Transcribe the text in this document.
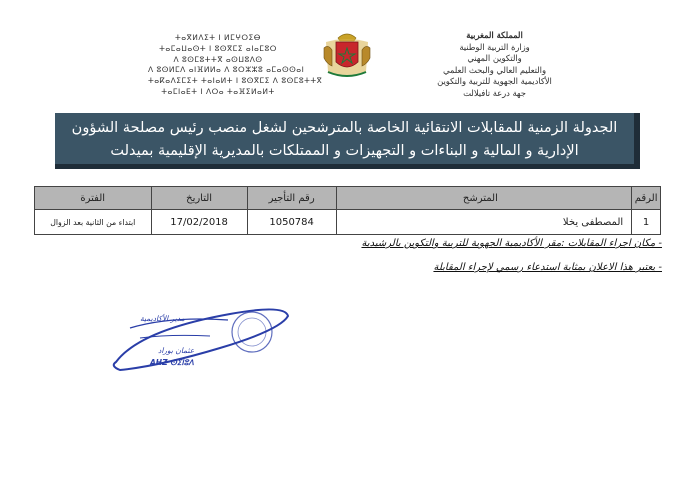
المملكة المغربية
وزارة التربية الوطنية
والتكوين المهني
والتعليم العالي والبحث العلمي
الأكاديمية الجهوية للتربية والتكوين
جهة درعة تافيلالت
ⵜⴰⴳⵍⴷⵉⵜ ⵏ ⵍⵎⵖⵔⵉⴱ
ⵜⴰⵎⴰⵡⴰⵙⵜ ⵏ ⵓⵙⴳⵎⵉ ⴰⵏⴰⵎⵓⵔ
ⴷ ⵓⵙⵎⵓⵜⵜⴳ ⴰⵙⵡⵓⴷⵙ
ⴷ ⵓⵙⵍⵎⴷ ⴰⵏⴼⵍⵍⴰ ⴷ ⵓⵔⵣⵣⵓ ⴰⵎⴰⵙⵙⴰⵏ
ⵜⴰⴽⴰⴷⵉⵎⵉⵜ ⵜⴰⵏⴰⵍⵜ ⵏ ⵓⵙⴳⵎⵉ ⴷ ⵓⵙⵎⵓⵜⵜⴳ
ⵜⴰⵎⵏⴰⴹⵜ ⵏ ⴷⵔⴰ ⵜⴰⴼⵉⵍⴰⵍⵜ
الجدولة الزمنية للمقابلات الانتقائية الخاصة بالمترشحين لشغل منصب رئيس مصلحة الشؤون
الإدارية و المالية و البناءات و التجهيزات و الممتلكات بالمديرية الإقليمية بميدلت
الرقم	المترشح	رقم التأجير	التاريخ	الفترة
1	المصطفى يخلا	1050784	17/02/2018	ابتداء من الثانية بعد الزوال
- مكان اجراء المقابلات :مقر الأكاديمية الجهوية للتربية والتكوين بالرشيدية
- يعتبر هذا الاعلان بمثابة استدعاء رسمي لإجراء المقابلة
مدير الأكاديمية
عثمان بوراد
AHZ ⵙⵉⵏⵓⴷ
